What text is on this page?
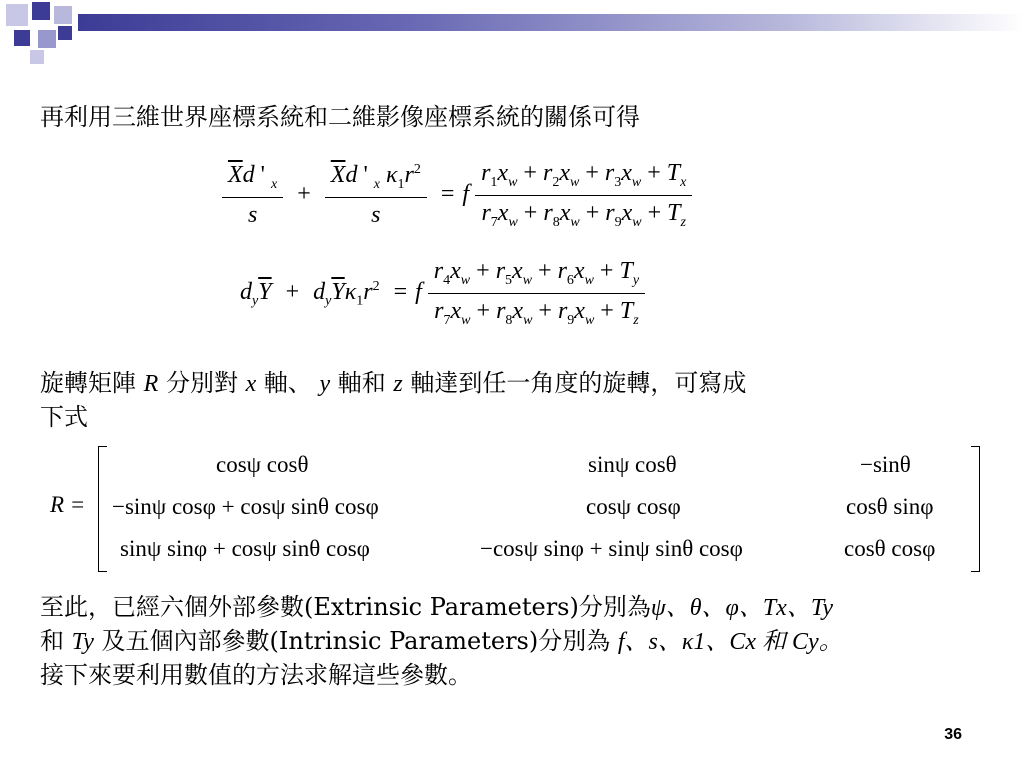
再利用三維世界座標系統和二維影像座標系統的關係可得
$\frac{\overline{X}d ' _x}{s} + \frac{\overline{X}d ' _x \kappa_1r^2}{s} = f \frac{r_1x_w + r_2x_w + r_3x_w + T_x}{r_7x_w + r_8x_w + r_9x_w + T_z}$
$d_y\overline{Y} + d_y\overline{Y}\kappa_1r^2 = f \frac{r_4x_w + r_5x_w + r_6x_w + T_y}{r_7x_w + r_8x_w + r_9x_w + T_z}$
旋轉矩陣 R 分別對 x 軸、 y 軸和 z 軸達到任一角度的旋轉，可寫成
下式
R =
cosψ cosθ	sinψ cosθ	−sinθ
−sinψ cosφ + cosψ sinθ cosφ	cosψ cosφ	cosθ sinφ
sinψ sinφ + cosψ sinθ cosφ	−cosψ sinφ + sinψ sinθ cosφ	cosθ cosφ
至此，已經六個外部參數(Extrinsic Parameters)分別為ψ、θ、φ、Tx、Ty
和 Ty 及五個內部參數(Intrinsic Parameters)分別為 f、s、κ1、Cx 和 Cy。
接下來要利用數值的方法求解這些參數。
36
